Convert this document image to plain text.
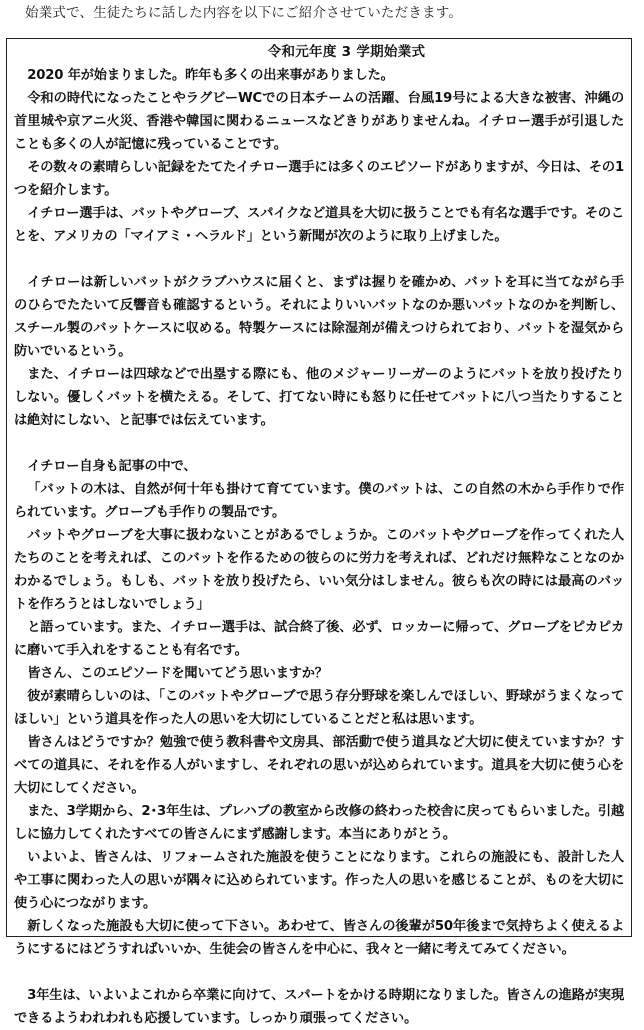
始業式で、生徒たちに話した内容を以下にご紹介させていただきます。
令和元年度 3 学期始業式

2020 年が始まりました。昨年も多くの出来事がありました。

令和の時代になったことやラグビーWCでの日本チームの活躍、台風19号による大きな被害、沖縄の首里城や京アニ火災、香港や韓国に関わるニュースなどきりがありませんね。イチロー選手が引退したことも多くの人が記憶に残っていることです。

その数々の素晴らしい記録をたてたイチロー選手には多くのエピソードがありますが、今日は、その1つを紹介します。

イチロー選手は、バットやグローブ、スパイクなど道具を大切に扱うことでも有名な選手です。そのことを、アメリカの「マイアミ・ヘラルド」という新聞が次のように取り上げました。

イチローは新しいバットがクラブハウスに届くと、まずは握りを確かめ、バットを耳に当てながら手のひらでたたいて反響音も確認するという。それによりいいバットなのか悪いバットなのかを判断し、スチール製のバットケースに収める。特製ケースには除湿剤が備えつけられており、バットを湿気から防いでいるという。

また、イチローは四球などで出塁する際にも、他のメジャーリーガーのようにバットを放り投げたりしない。優しくバットを横たえる。そして、打てない時にも怒りに任せてバットに八つ当たりすることは絶対にしない、と記事では伝えています。

イチロー自身も記事の中で、

「バットの木は、自然が何十年も掛けて育てています。僕のバットは、この自然の木から手作りで作られています。グローブも手作りの製品です。

バットやグローブを大事に扱わないことがあるでしょうか。このバットやグローブを作ってくれた人たちのことを考えれば、このバットを作るための彼らのに労力を考えれば、どれだけ無粋なことなのかわかるでしょう。もしも、バットを放り投げたら、いい気分はしません。彼らも次の時には最高のバットを作ろうとはしないでしょう」

と語っています。また、イチロー選手は、試合終了後、必ず、ロッカーに帰って、グローブをピカピカに磨いて手入れをすることも有名です。

皆さん、このエピソードを聞いてどう思いますか？

彼が素晴らしいのは、「このバットやグローブで思う存分野球を楽しんでほしい、野球がうまくなってほしい」という道具を作った人の思いを大切にしていることだと私は思います。

皆さんはどうですか？勉強で使う教科書や文房具、部活動で使う道具など大切に使えていますか？すべての道具に、それを作る人がいますし、それぞれの思いが込められています。道具を大切に使う心を大切にしてください。

また、3学期から、2･3年生は、プレハブの教室から改修の終わった校舎に戻ってもらいました。引越しに協力してくれたすべての皆さんにまず感謝します。本当にありがとう。

いよいよ、皆さんは、リフォームされた施設を使うことになります。これらの施設にも、設計した人や工事に関わった人の思いが隅々に込められています。作った人の思いを感じることが、ものを大切に使う心につながります。

新しくなった施設も大切に使って下さい。あわせて、皆さんの後輩が50年後まで気持ちよく使えるようにするにはどうすればいいか、生徒会の皆さんを中心に、我々と一緒に考えてみてください。

3年生は、いよいよこれから卒業に向けて、スパートをかける時期になりました。皆さんの進路が実現できるようわれわれも応援しています。しっかり頑張ってください。
